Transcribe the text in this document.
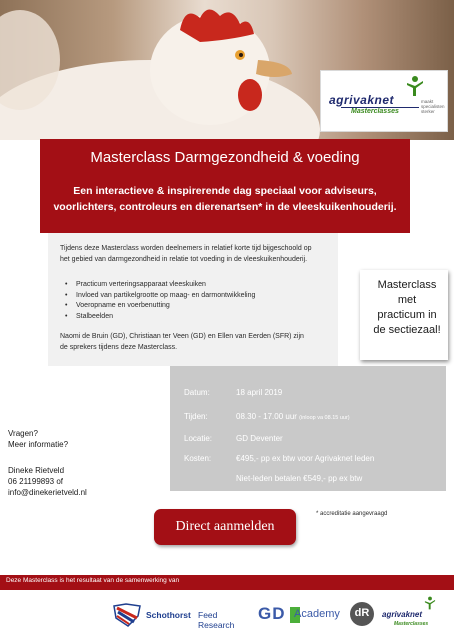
agrivaknet
Masterclasses
maakt specialisten sterker
Masterclass Darmgezondheid & voeding
Een interactieve & inspirerende dag speciaal voor adviseurs,
voorlichters, controleurs en dierenartsen* in de vleeskuikenhouderij.

Tijdens deze Masterclass worden deelnemers in relatief korte tijd bijgeschoold op

het gebied van darmgezondheid in relatie tot voeding in de vleeskuikenhouderij.

• Practicum verteringsapparaat vleeskuiken
• Invloed van partikelgrootte op maag- en darmontwikkeling
• Voeropname en voerbenutting
• Stalbeelden

Naomi de Bruin (GD), Christiaan ter Veen (GD) en Ellen van Eerden (SFR) zijn

de sprekers tijdens deze Masterclass.

Masterclass
met
practicum in
de sectiezaal!
Datum:	18 april 2019
Tijden:	08.30 - 17.00 uur (inloop va 08.15 uur)
Locatie:	GD Deventer
Kosten:	€495,- pp ex btw voor Agrivaknet leden
Niet-leden betalen €549,- pp ex btw
Vragen?
Meer informatie?
Dineke Rietveld
06 21199893 of
info@dinekerietveld.nl
Direct aanmelden
* accreditatie aangevraagd
Deze Masterclass is het resultaat van de samenwerking van
Schothorst Feed Research
GD Academy	dR	agrivaknet
Masterclasses
